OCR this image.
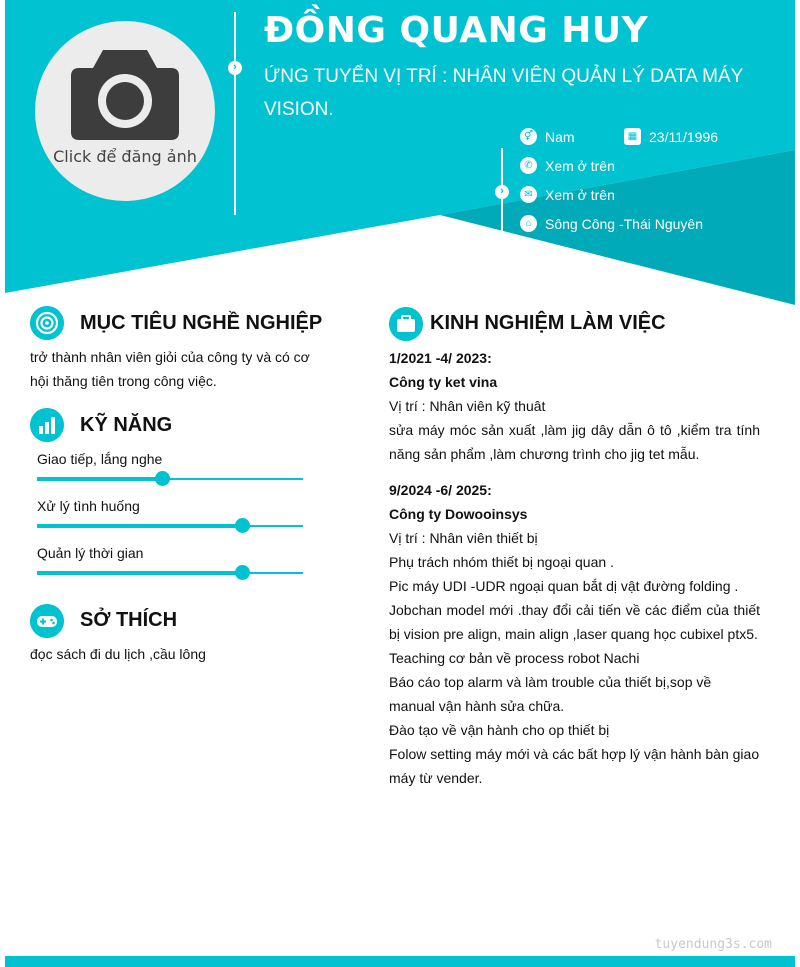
Click để đăng ảnh
›
›
ĐỒNG QUANG HUY
ỨNG TUYỂN VỊ TRÍ : NHÂN VIÊN QUẢN LÝ DATA MÁY VISION.
⚥ Nam	▦ 23/11/1996
✆ Xem ở trên
✉ Xem ở trên
⌂ Sông Công -Thái Nguyên
MỤC TIÊU NGHỀ NGHIỆP
trở thành nhân viên giỏi của công ty và có cơ hội thăng tiên trong công việc.
KỸ NĂNG
Giao tiếp, lắng nghe
Xử lý tình huống
Quản lý thời gian
SỞ THÍCH
đọc sách đi du lịch ,cầu lông
KINH NGHIỆM LÀM VIỆC

1/2021 -4/ 2023:

Công ty ket vina

Vị trí : Nhân viên kỹ thuât

sửa máy móc sản xuất ,làm jig dây dẫn ô tô ,kiểm tra tính năng sản phẩm ,làm chương trình cho jig tet mẫu.

9/2024 -6/ 2025:

Công ty Dowooinsys

Vị trí : Nhân viên thiết bị

Phụ trách nhóm thiết bị ngoại quan .

Pic máy UDI -UDR ngoại quan bắt dị vật đường folding .

Jobchan model mới .thay đổi cải tiến về các điểm của thiết bị vision pre align, main align ,laser quang học cubixel ptx5.

Teaching cơ bản về process robot Nachi

Báo cáo top alarm và làm trouble của thiết bị,sop về manual vận hành sửa chữa.

Đào tạo về vận hành cho op thiết bị

Folow setting máy mới và các bất hợp lý vận hành bàn giao máy từ vender.

tuyendung3s.com
